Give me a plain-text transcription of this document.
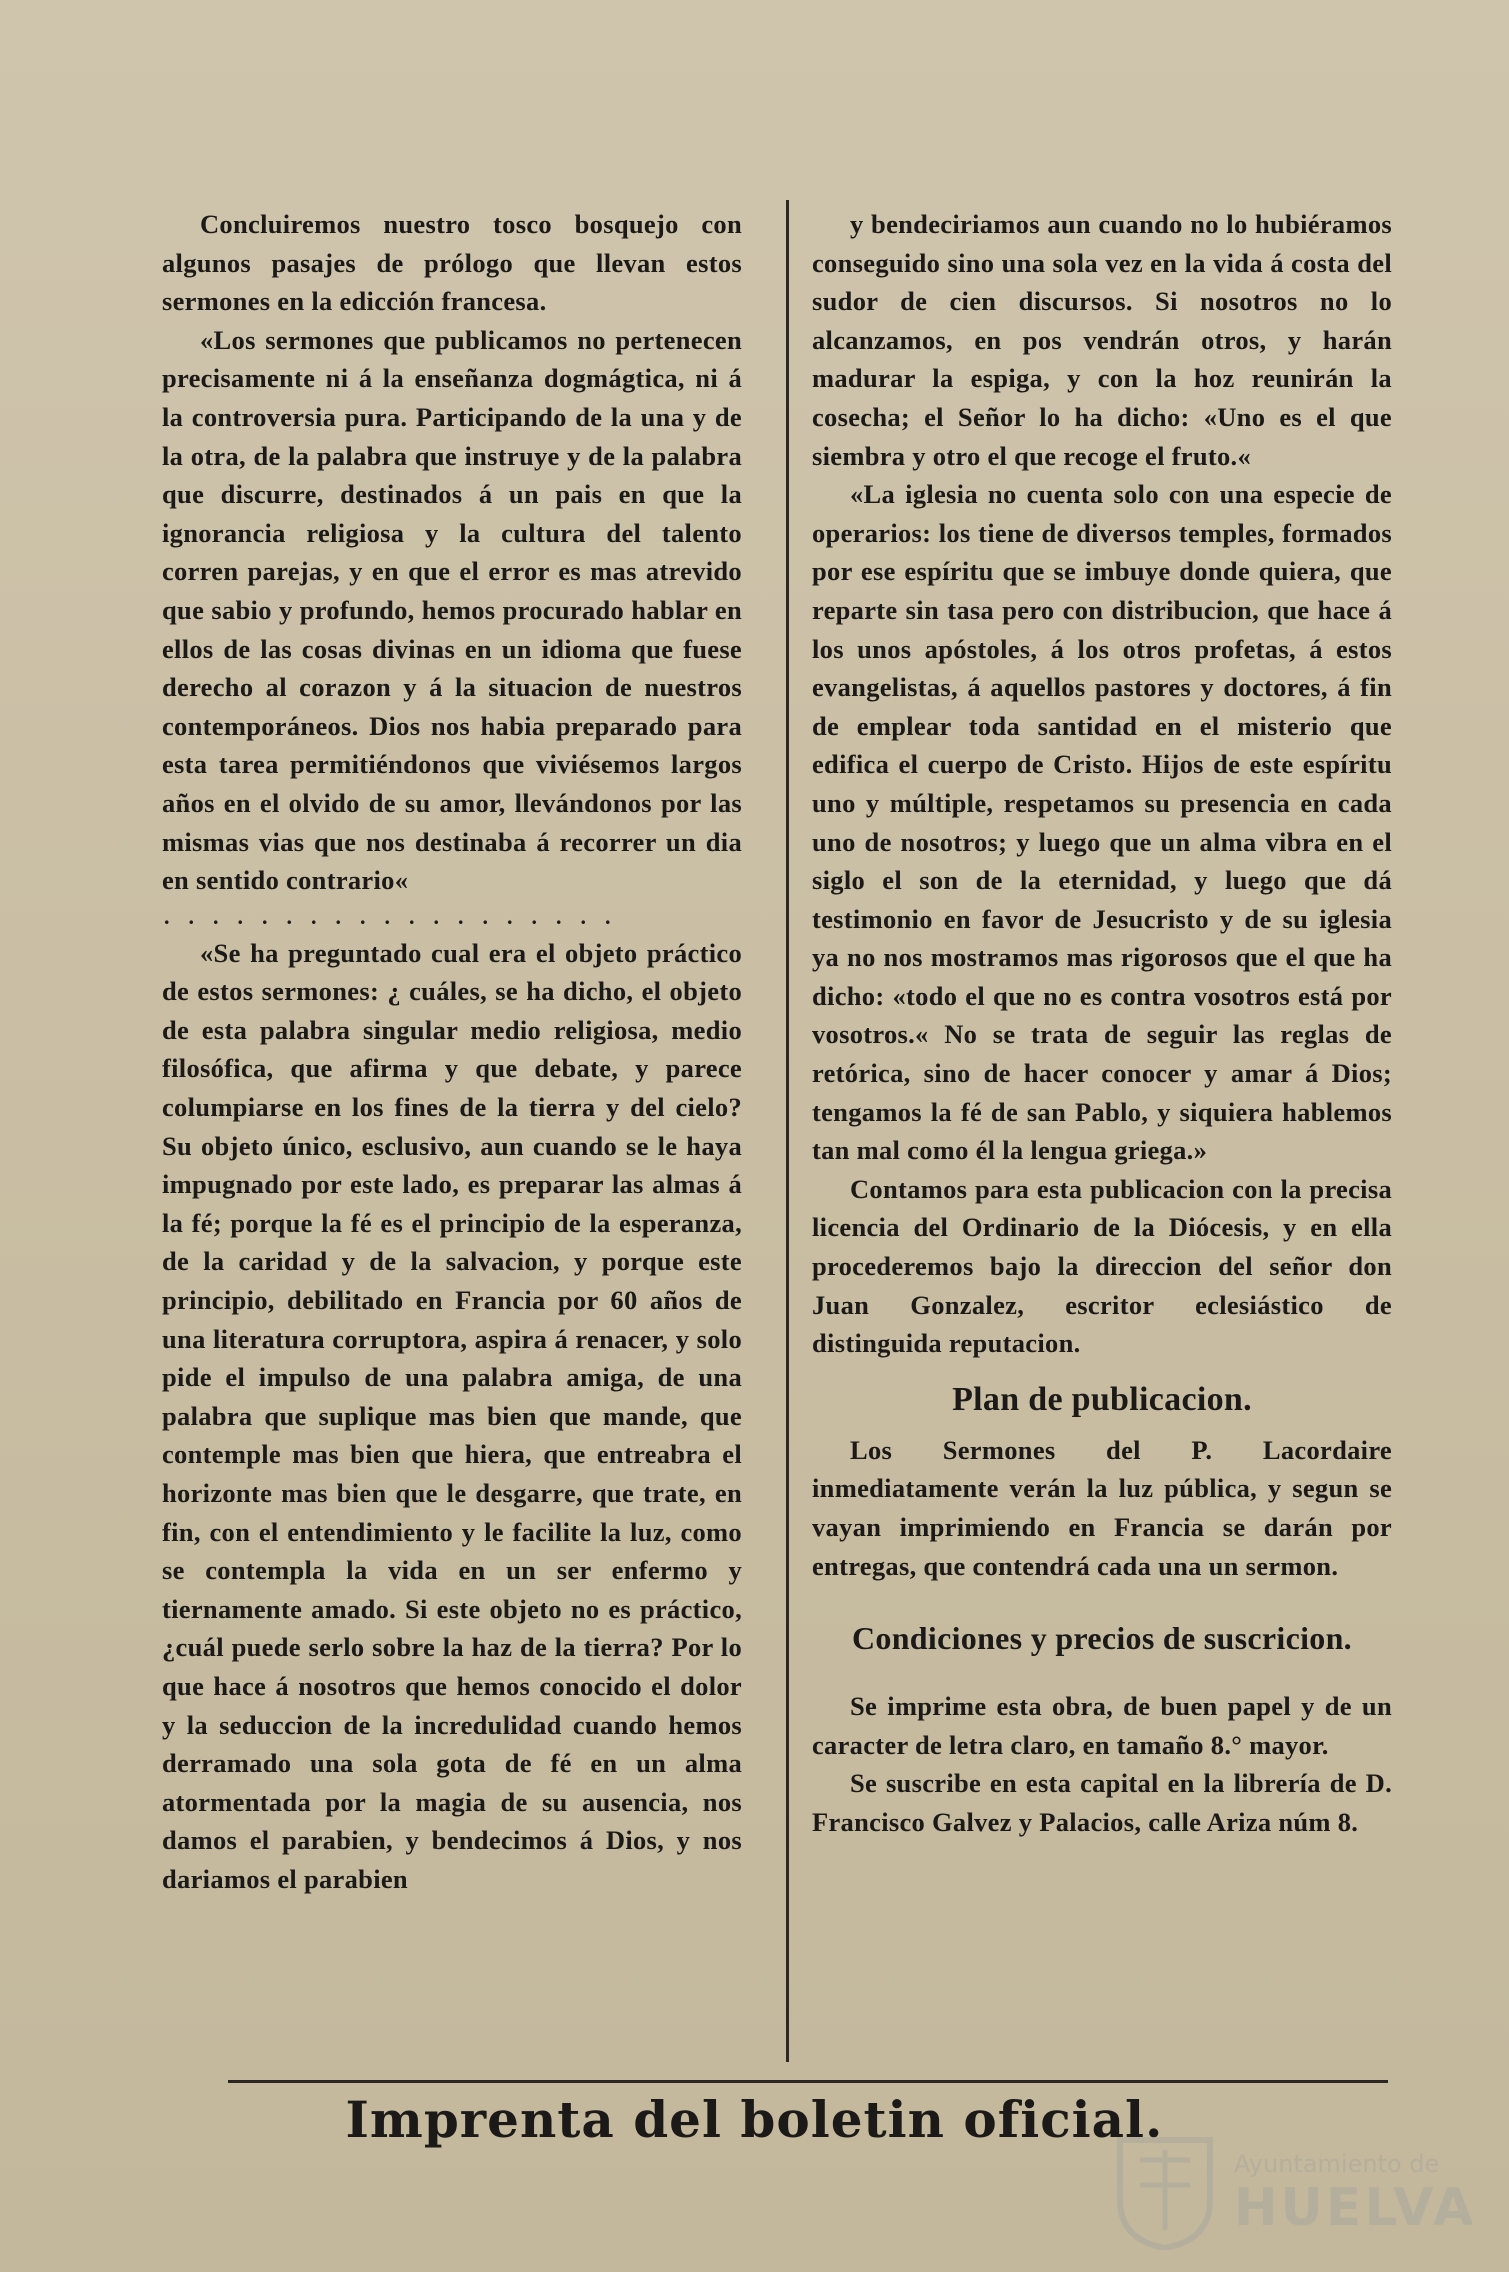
Concluiremos nuestro tosco bosquejo con algunos pasajes de prólogo que llevan estos sermones en la edicción francesa.

«Los sermones que publicamos no pertenecen precisamente ni á la enseñanza dogmágtica, ni á la controversia pura. Participando de la una y de la otra, de la palabra que instruye y de la palabra que discurre, destinados á un pais en que la ignorancia religiosa y la cultura del talento corren parejas, y en que el error es mas atrevido que sabio y profundo, hemos procurado hablar en ellos de las cosas divinas en un idioma que fuese derecho al corazon y á la situacion de nuestros contemporáneos. Dios nos habia preparado para esta tarea permitiéndonos que viviésemos largos años en el olvido de su amor, llevándonos por las mismas vias que nos destinaba á recorrer un dia en sentido contrario«

...................

«Se ha preguntado cual era el objeto práctico de estos sermones: ¿ cuáles, se ha dicho, el objeto de esta palabra singular medio religiosa, medio filosófica, que afirma y que debate, y parece columpiarse en los fines de la tierra y del cielo? Su objeto único, esclusivo, aun cuando se le haya impugnado por este lado, es preparar las almas á la fé; porque la fé es el principio de la esperanza, de la caridad y de la salvacion, y porque este principio, debilitado en Francia por 60 años de una literatura corruptora, aspira á renacer, y solo pide el impulso de una palabra amiga, de una palabra que suplique mas bien que mande, que contemple mas bien que hiera, que entreabra el horizonte mas bien que le desgarre, que trate, en fin, con el entendimiento y le facilite la luz, como se contempla la vida en un ser enfermo y tiernamente amado. Si este objeto no es práctico, ¿cuál puede serlo sobre la haz de la tierra? Por lo que hace á nosotros que hemos conocido el dolor y la seduccion de la incredulidad cuando hemos derramado una sola gota de fé en un alma atormentada por la magia de su ausencia, nos damos el parabien, y bendecimos á Dios, y nos dariamos el parabien

y bendeciriamos aun cuando no lo hubiéramos conseguido sino una sola vez en la vida á costa del sudor de cien discursos. Si nosotros no lo alcanzamos, en pos vendrán otros, y harán madurar la espiga, y con la hoz reunirán la cosecha; el Señor lo ha dicho: «Uno es el que siembra y otro el que recoge el fruto.«

«La iglesia no cuenta solo con una especie de operarios: los tiene de diversos temples, formados por ese espíritu que se imbuye donde quiera, que reparte sin tasa pero con distribucion, que hace á los unos apóstoles, á los otros profetas, á estos evangelistas, á aquellos pastores y doctores, á fin de emplear toda santidad en el misterio que edifica el cuerpo de Cristo. Hijos de este espíritu uno y múltiple, respetamos su presencia en cada uno de nosotros; y luego que un alma vibra en el siglo el son de la eternidad, y luego que dá testimonio en favor de Jesucristo y de su iglesia ya no nos mostramos mas rigorosos que el que ha dicho: «todo el que no es contra vosotros está por vosotros.« No se trata de seguir las reglas de retórica, sino de hacer conocer y amar á Dios; tengamos la fé de san Pablo, y siquiera hablemos tan mal como él la lengua griega.»

Contamos para esta publicacion con la precisa licencia del Ordinario de la Diócesis, y en ella procederemos bajo la direccion del señor don Juan Gonzalez, escritor eclesiástico de distinguida reputacion.

Plan de publicacion.

Los Sermones del P. Lacordaire inmediatamente verán la luz pública, y segun se vayan imprimiendo en Francia se darán por entregas, que contendrá cada una un sermon.

Condiciones y precios de suscricion.

Se imprime esta obra, de buen papel y de un caracter de letra claro, en tamaño 8.° mayor.

Se suscribe en esta capital en la librería de D. Francisco Galvez y Palacios, calle Ariza núm 8.

Imprenta del boletin oficial.
Ayuntamiento de
HUELVA
